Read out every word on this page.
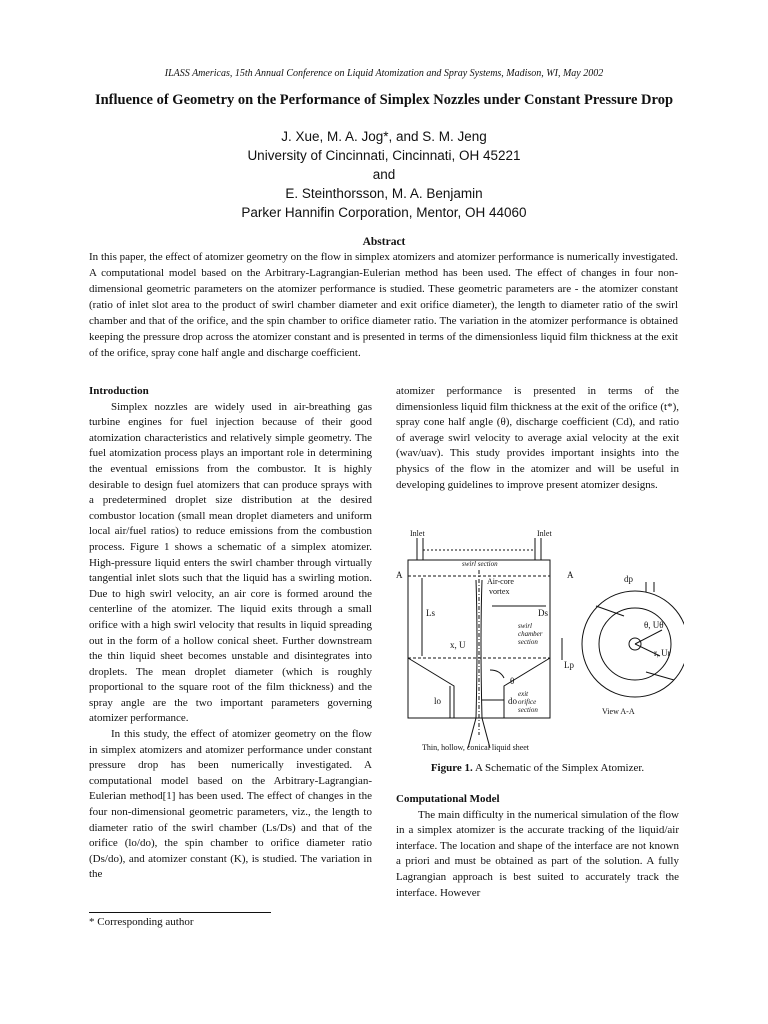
ILASS Americas, 15th Annual Conference on Liquid Atomization and Spray Systems, Madison, WI, May 2002
Influence of Geometry on the Performance of Simplex Nozzles under Constant Pressure Drop
J. Xue, M. A. Jog*, and S. M. Jeng
University of Cincinnati, Cincinnati, OH 45221
and
E. Steinthorsson, M. A. Benjamin
Parker Hannifin Corporation, Mentor, OH 44060
Abstract

In this paper, the effect of atomizer geometry on the flow in simplex atomizers and atomizer performance is numerically investigated. A computational model based on the Arbitrary-Lagrangian-Eulerian method has been used. The effect of changes in four non-dimensional geometric parameters on the atomizer performance is studied. These geometric parameters are - the atomizer constant (ratio of inlet slot area to the product of swirl chamber diameter and exit orifice diameter), the length to diameter ratio of the swirl chamber and that of the orifice, and the spin chamber to orifice diameter ratio. The variation in the atomizer performance is obtained keeping the pressure drop across the atomizer constant and is presented in terms of the dimensionless liquid film thickness at the exit of the orifice, spray cone half angle and discharge coefficient.

Introduction

Simplex nozzles are widely used in air-breathing gas turbine engines for fuel injection because of their good atomization characteristics and relatively simple geometry. The fuel atomization process plays an important role in determining the eventual emissions from the combustor. It is highly desirable to design fuel atomizers that can produce sprays with a predetermined droplet size distribution at the desired combustor location (small mean droplet diameters and uniform local air/fuel ratios) to reduce emissions from the combustion process. Figure 1 shows a schematic of a simplex atomizer. High-pressure liquid enters the swirl chamber through virtually tangential inlet slots such that the liquid has a swirling motion. Due to high swirl velocity, an air core is formed around the centerline of the atomizer. The liquid exits through a small orifice with a high swirl velocity that results in liquid spreading out in the form of a hollow conical sheet. Further downstream the thin liquid sheet becomes unstable and disintegrates into droplets. The mean droplet diameter (which is roughly proportional to the square root of the film thickness) and the spray angle are the two important parameters governing atomizer performance.

In this study, the effect of atomizer geometry on the flow in simplex atomizers and atomizer performance under constant pressure drop has been numerically investigated. A computational model based on the Arbitrary-Lagrangian-Eulerian method[1] has been used. The effect of changes in the four non-dimensional geometric parameters, viz., the length to diameter ratio of the swirl chamber (Ls/Ds) and that of the orifice (lo/do), the spin chamber to orifice diameter ratio (Ds/do), and atomizer constant (K), is studied. The variation in the

atomizer performance is presented in terms of the dimensionless liquid film thickness at the exit of the orifice (t*), spray cone half angle (θ), discharge coefficient (Cd), and ratio of average swirl velocity to average axial velocity at the exit (wav/uav). This study provides important insights into the physics of the flow in the atomizer and will be useful in developing guidelines to improve present atomizer designs.

Inlet	Inlet
swirl section
A	A
Air-core
vortex
Ls	Ds
swirl
chamber
section
x, U
θ
lo	do
exit
orifice
section
Thin, hollow, conical liquid sheet
dp
θ, Uθ
r, Ur
Lp
View A-A
Figure 1. A Schematic of the Simplex Atomizer.
Computational Model

The main difficulty in the numerical simulation of the flow in a simplex atomizer is the accurate tracking of the liquid/air interface. The location and shape of the interface are not known a priori and must be obtained as part of the solution. A fully Lagrangian approach is best suited to accurately track the interface. However

* Corresponding author
